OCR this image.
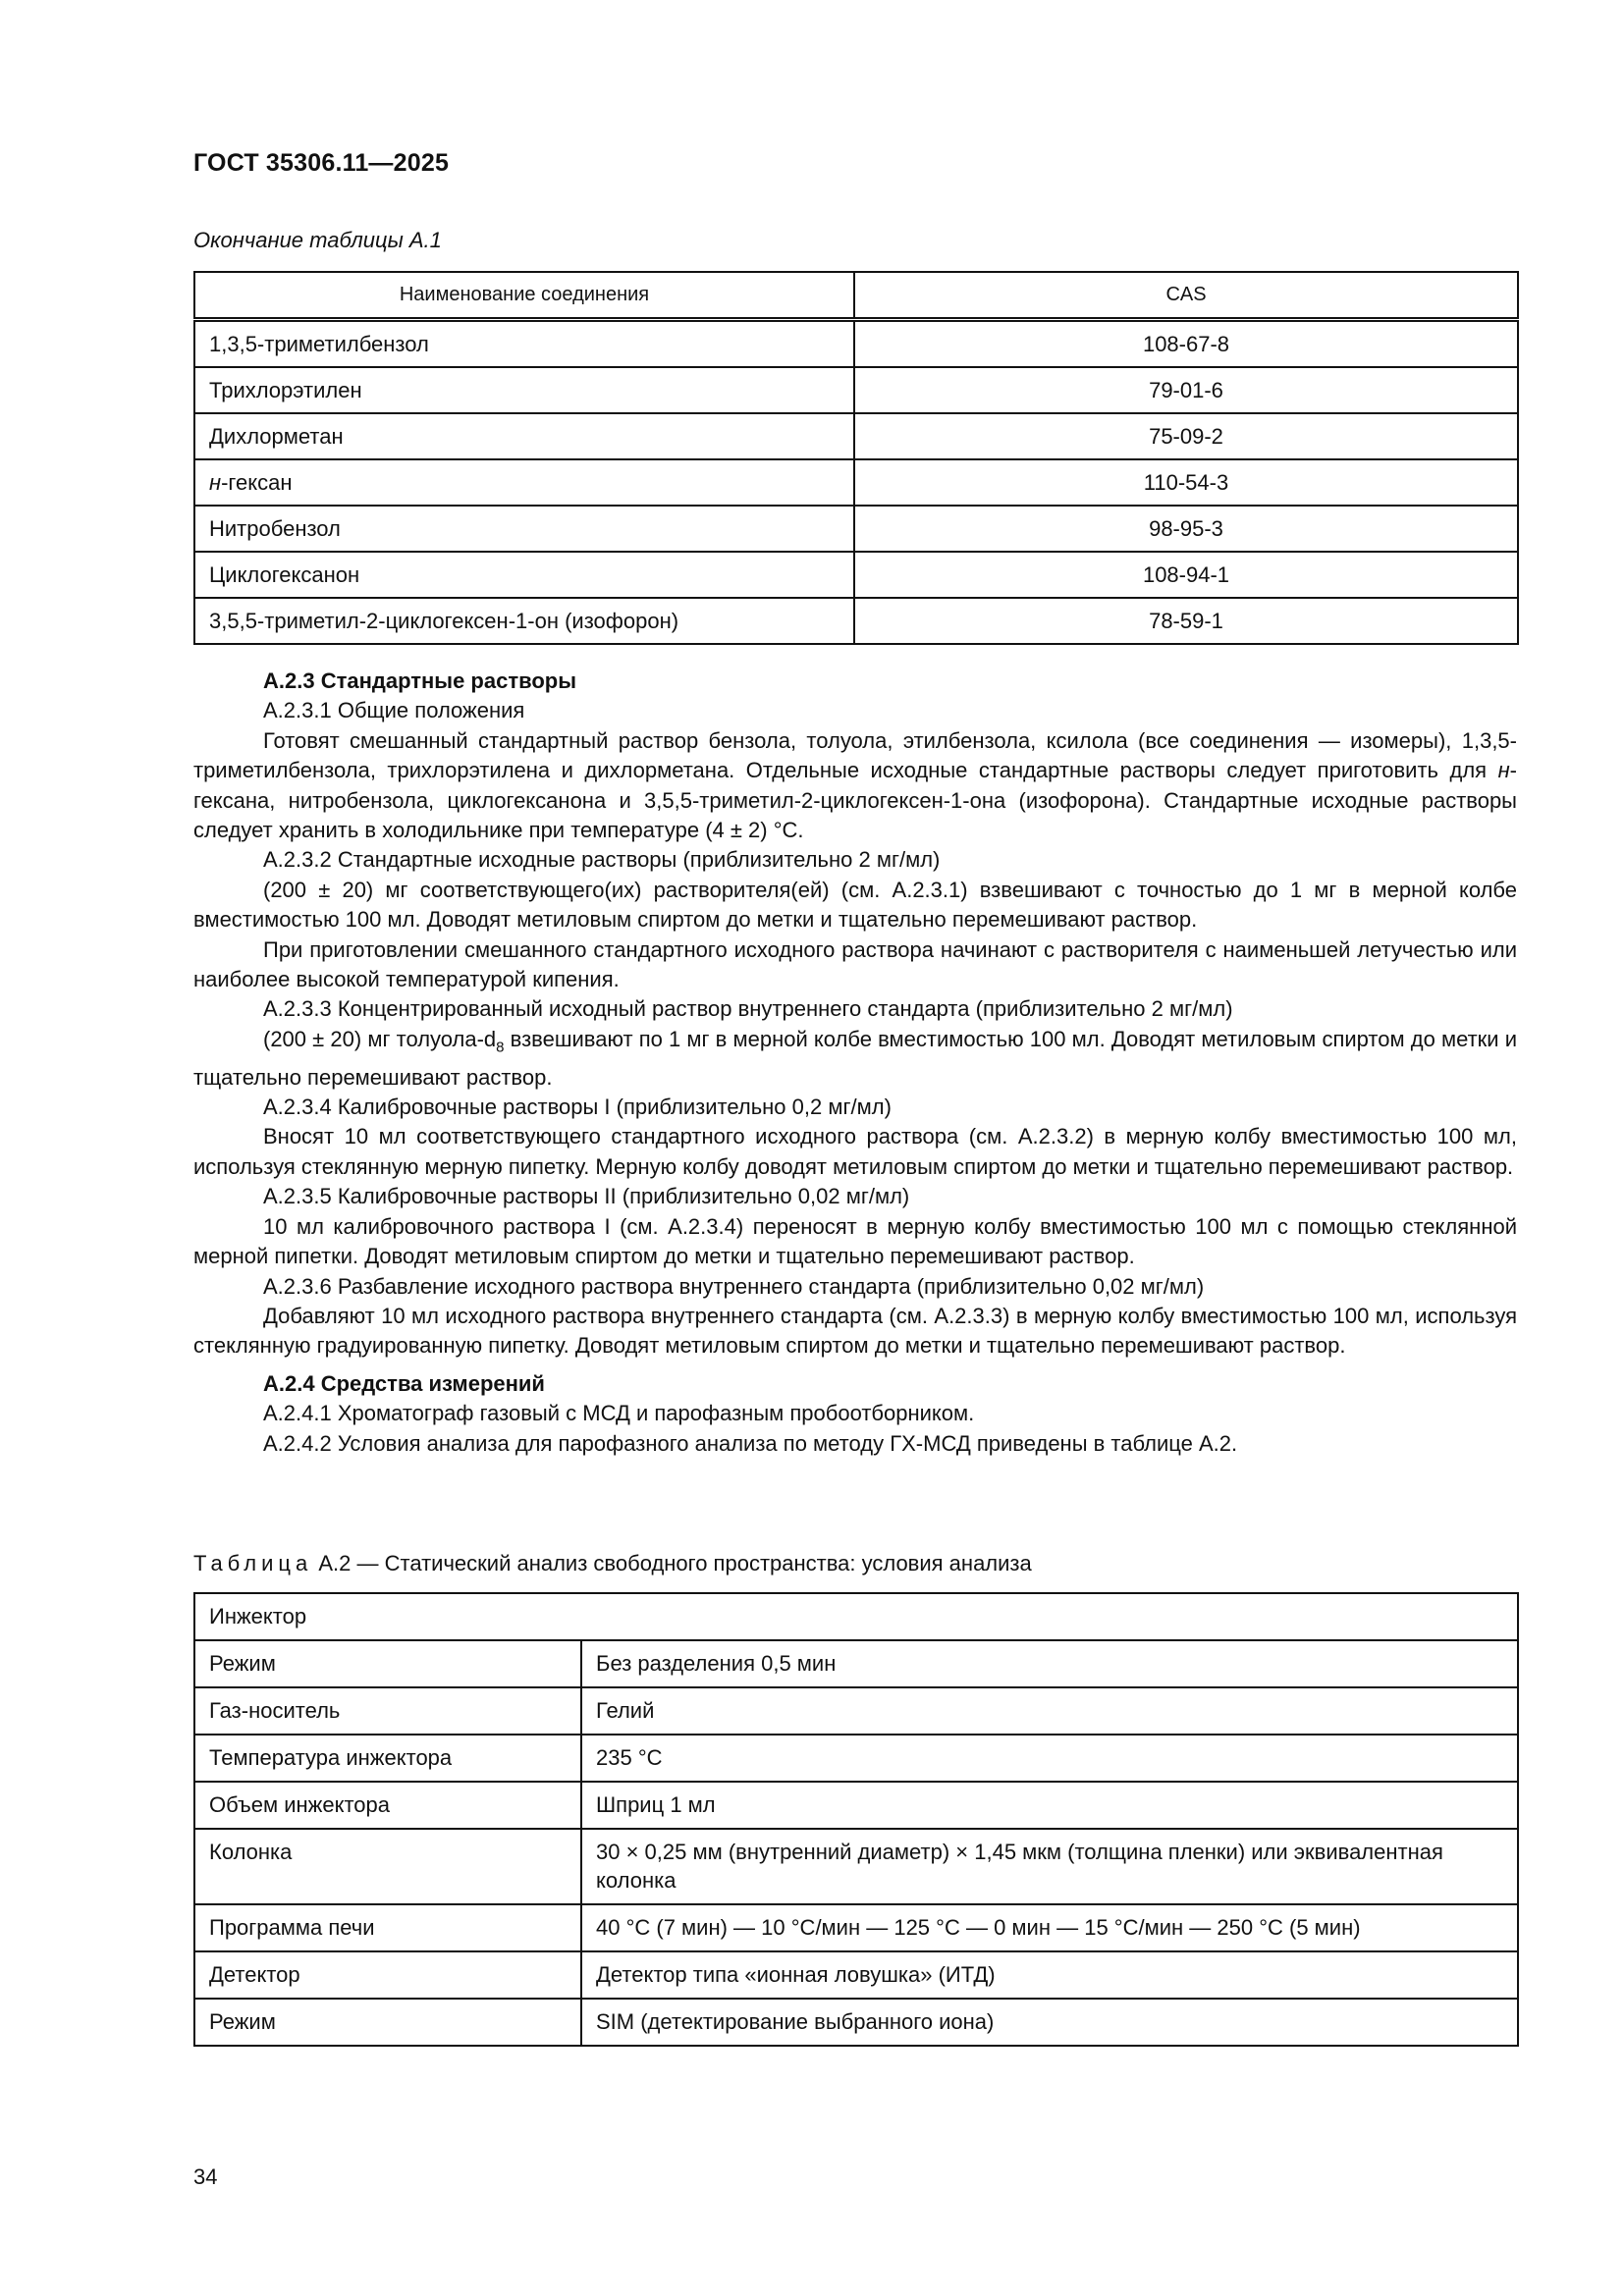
ГОСТ 35306.11—2025
Окончание таблицы А.1
Наименование соединения	CAS
1,3,5-триметилбензол	108-67-8
Трихлорэтилен	79-01-6
Дихлорметан	75-09-2
н-гексан	110-54-3
Нитробензол	98-95-3
Циклогексанон	108-94-1
3,5,5-триметил-2-циклогексен-1-он (изофорон)	78-59-1

А.2.3 Стандартные растворы

А.2.3.1 Общие положения

Готовят смешанный стандартный раствор бензола, толуола, этилбензола, ксилола (все соединения — изомеры), 1,3,5-триметилбензола, трихлорэтилена и дихлорметана. Отдельные исходные стандартные растворы следует приготовить для н-гексана, нитробензола, циклогексанона и 3,5,5-триметил-2-циклогексен-1-она (изофорона). Стандартные исходные растворы следует хранить в холодильнике при температуре (4 ± 2) °С.

А.2.3.2 Стандартные исходные растворы (приблизительно 2 мг/мл)

(200 ± 20) мг соответствующего(их) растворителя(ей) (см. А.2.3.1) взвешивают с точностью до 1 мг в мерной колбе вместимостью 100 мл. Доводят метиловым спиртом до метки и тщательно перемешивают раствор.

При приготовлении смешанного стандартного исходного раствора начинают с растворителя с наименьшей летучестью или наиболее высокой температурой кипения.

А.2.3.3 Концентрированный исходный раствор внутреннего стандарта (приблизительно 2 мг/мл)

(200 ± 20) мг толуола-$d_8$ взвешивают по 1 мг в мерной колбе вместимостью 100 мл. Доводят метиловым спиртом до метки и тщательно перемешивают раствор.

А.2.3.4 Калибровочные растворы I (приблизительно 0,2 мг/мл)

Вносят 10 мл соответствующего стандартного исходного раствора (см. А.2.3.2) в мерную колбу вместимостью 100 мл, используя стеклянную мерную пипетку. Мерную колбу доводят метиловым спиртом до метки и тщательно перемешивают раствор.

А.2.3.5 Калибровочные растворы II (приблизительно 0,02 мг/мл)

10 мл калибровочного раствора I (см. А.2.3.4) переносят в мерную колбу вместимостью 100 мл с помощью стеклянной мерной пипетки. Доводят метиловым спиртом до метки и тщательно перемешивают раствор.

А.2.3.6 Разбавление исходного раствора внутреннего стандарта (приблизительно 0,02 мг/мл)

Добавляют 10 мл исходного раствора внутреннего стандарта (см. А.2.3.3) в мерную колбу вместимостью 100 мл, используя стеклянную градуированную пипетку. Доводят метиловым спиртом до метки и тщательно перемешивают раствор.

А.2.4 Средства измерений

А.2.4.1 Хроматограф газовый с МСД и парофазным пробоотборником.

А.2.4.2 Условия анализа для парофазного анализа по методу ГХ-МСД приведены в таблице А.2.

Таблица А.2 — Статический анализ свободного пространства: условия анализа
Инжектор	
Режим	Без разделения 0,5 мин
Газ-носитель	Гелий
Температура инжектора	235 °С
Объем инжектора	Шприц 1 мл
Колонка	30 × 0,25 мм (внутренний диаметр) × 1,45 мкм (толщина пленки) или эквивалентная колонка
Программа печи	40 °С (7 мин) — 10 °С/мин — 125 °С — 0 мин — 15 °С/мин — 250 °С (5 мин)
Детектор	Детектор типа «ионная ловушка» (ИТД)
Режим	SIM (детектирование выбранного иона)
34
